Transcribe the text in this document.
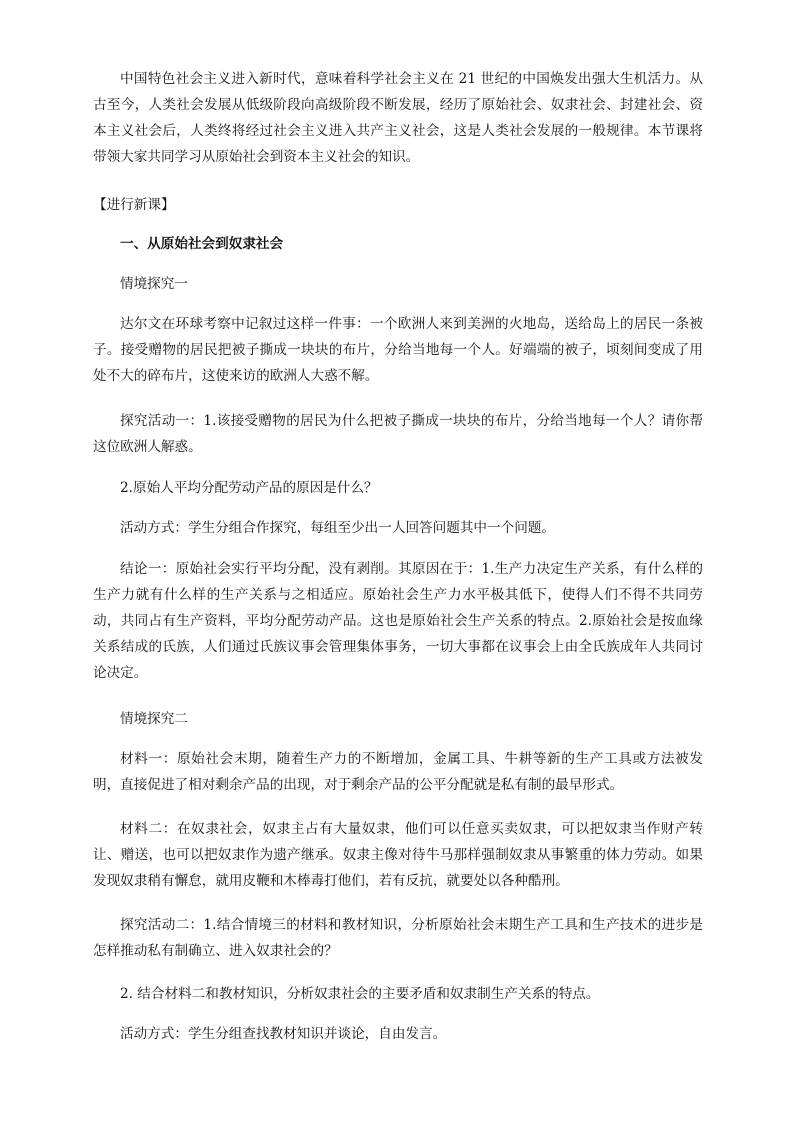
中国特色社会主义进入新时代，意味着科学社会主义在 21 世纪的中国焕发出强大生机活力。从古至今，人类社会发展从低级阶段向高级阶段不断发展，经历了原始社会、奴隶社会、封建社会、资本主义社会后，人类终将经过社会主义进入共产主义社会，这是人类社会发展的一般规律。本节课将带领大家共同学习从原始社会到资本主义社会的知识。

【进行新课】

一、从原始社会到奴隶社会

情境探究一

达尔文在环球考察中记叙过这样一件事：一个欧洲人来到美洲的火地岛，送给岛上的居民一条被子。接受赠物的居民把被子撕成一块块的布片，分给当地每一个人。好端端的被子，顷刻间变成了用处不大的碎布片，这使来访的欧洲人大惑不解。

探究活动一：1.该接受赠物的居民为什么把被子撕成一块块的布片，分给当地每一个人？请你帮这位欧洲人解惑。

2.原始人平均分配劳动产品的原因是什么？

活动方式：学生分组合作探究，每组至少出一人回答问题其中一个问题。

结论一：原始社会实行平均分配，没有剥削。其原因在于：1.生产力决定生产关系，有什么样的生产力就有什么样的生产关系与之相适应。原始社会生产力水平极其低下，使得人们不得不共同劳动，共同占有生产资料，平均分配劳动产品。这也是原始社会生产关系的特点。2.原始社会是按血缘关系结成的氏族，人们通过氏族议事会管理集体事务，一切大事都在议事会上由全氏族成年人共同讨论决定。

情境探究二

材料一：原始社会末期，随着生产力的不断增加，金属工具、牛耕等新的生产工具或方法被发明，直接促进了相对剩余产品的出现，对于剩余产品的公平分配就是私有制的最早形式。

材料二：在奴隶社会，奴隶主占有大量奴隶，他们可以任意买卖奴隶，可以把奴隶当作财产转让、赠送，也可以把奴隶作为遗产继承。奴隶主像对待牛马那样强制奴隶从事繁重的体力劳动。如果发现奴隶稍有懈怠，就用皮鞭和木棒毒打他们，若有反抗，就要处以各种酷刑。

探究活动二：1.结合情境三的材料和教材知识，分析原始社会末期生产工具和生产技术的进步是怎样推动私有制确立、进入奴隶社会的？

2. 结合材料二和教材知识，分析奴隶社会的主要矛盾和奴隶制生产关系的特点。

活动方式：学生分组查找教材知识并谈论，自由发言。
